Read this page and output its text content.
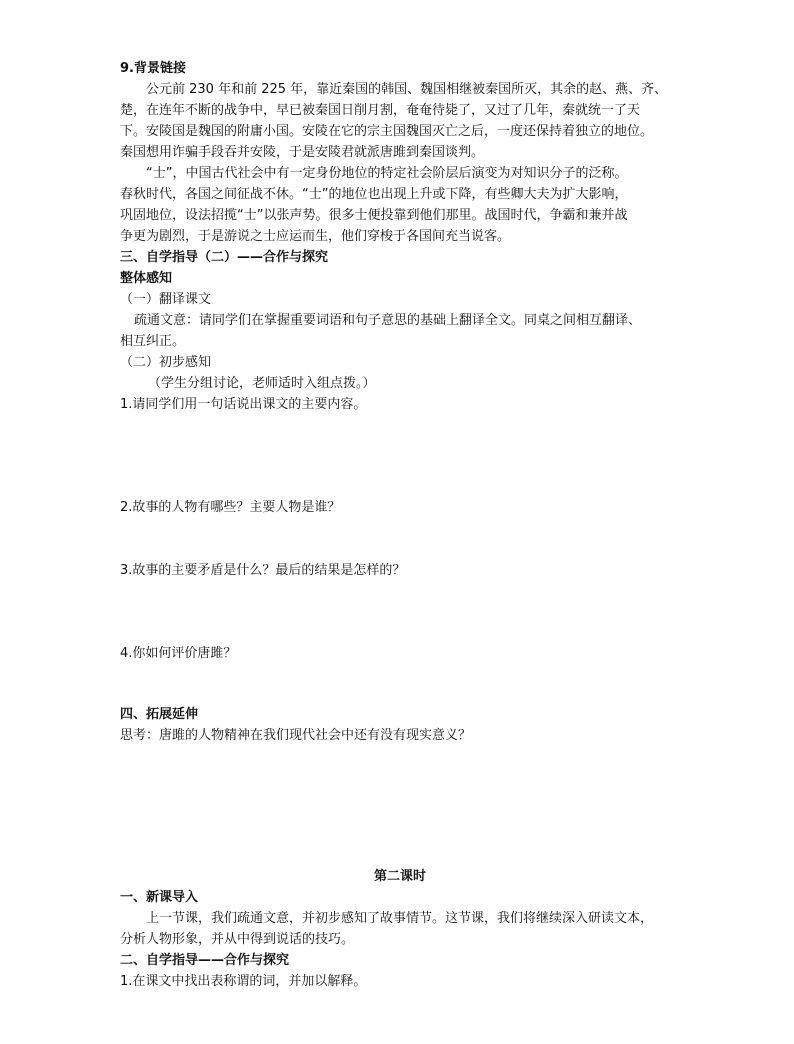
9.背景链接
公元前 230 年和前 225 年，靠近秦国的韩国、魏国相继被秦国所灭，其余的赵、燕、齐、
楚，在连年不断的战争中，早已被秦国日削月割，奄奄待毙了，又过了几年，秦就统一了天
下。安陵国是魏国的附庸小国。安陵在它的宗主国魏国灭亡之后，一度还保持着独立的地位。
秦国想用诈骗手段吞并安陵，于是安陵君就派唐雎到秦国谈判。
“士”，中国古代社会中有一定身份地位的特定社会阶层后演变为对知识分子的泛称。
春秋时代，各国之间征战不休。“士”的地位也出现上升或下降，有些卿大夫为扩大影响，
巩固地位，设法招揽“士”以张声势。很多士便投靠到他们那里。战国时代，争霸和兼并战
争更为剧烈，于是游说之士应运而生，他们穿梭于各国间充当说客。
三、自学指导（二）——合作与探究
整体感知
（一）翻译课文
疏通文意：请同学们在掌握重要词语和句子意思的基础上翻译全文。同桌之间相互翻译、
相互纠正。
（二）初步感知
（学生分组讨论，老师适时入组点拨。）
1.请同学们用一句话说出课文的主要内容。
2.故事的人物有哪些？主要人物是谁？
3.故事的主要矛盾是什么？最后的结果是怎样的？
4.你如何评价唐雎？
四、拓展延伸
思考：唐雎的人物精神在我们现代社会中还有没有现实意义？
第二课时
一、新课导入
上一节课，我们疏通文意，并初步感知了故事情节。这节课，我们将继续深入研读文本，
分析人物形象，并从中得到说话的技巧。
二、自学指导——合作与探究
1.在课文中找出表称谓的词，并加以解释。
